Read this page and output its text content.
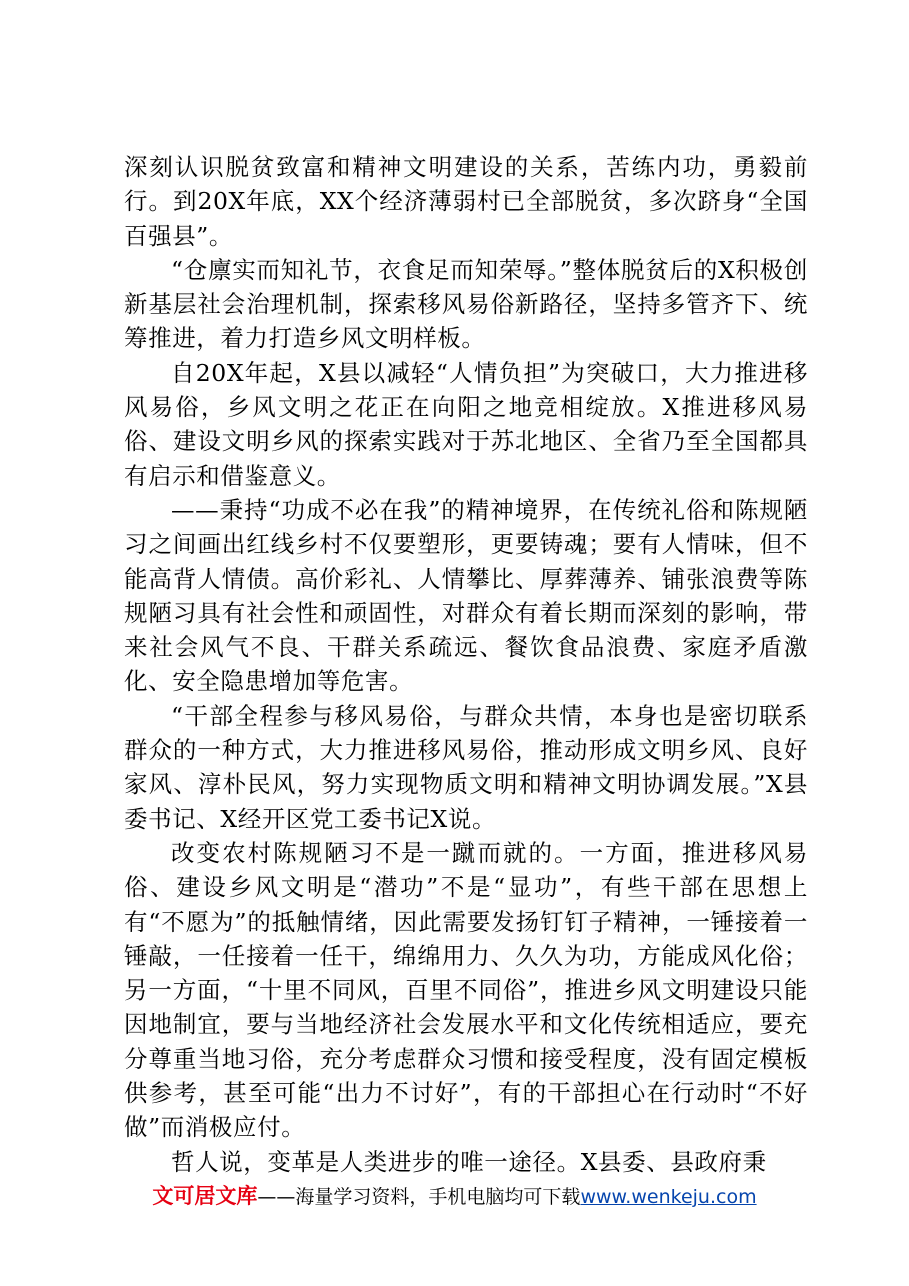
深刻认识脱贫致富和精神文明建设的关系，苦练内功，勇毅前行。到20X年底，XX个经济薄弱村已全部脱贫，多次跻身“全国百强县”。

“仓廪实而知礼节，衣食足而知荣辱。”整体脱贫后的X积极创新基层社会治理机制，探索移风易俗新路径，坚持多管齐下、统筹推进，着力打造乡风文明样板。

自20X年起，X县以减轻“人情负担”为突破口，大力推进移风易俗，乡风文明之花正在向阳之地竞相绽放。X推进移风易俗、建设文明乡风的探索实践对于苏北地区、全省乃至全国都具有启示和借鉴意义。

——秉持“功成不必在我”的精神境界，在传统礼俗和陈规陋习之间画出红线乡村不仅要塑形，更要铸魂；要有人情味，但不能高背人情债。高价彩礼、人情攀比、厚葬薄养、铺张浪费等陈规陋习具有社会性和顽固性，对群众有着长期而深刻的影响，带来社会风气不良、干群关系疏远、餐饮食品浪费、家庭矛盾激化、安全隐患增加等危害。

“干部全程参与移风易俗，与群众共情，本身也是密切联系群众的一种方式，大力推进移风易俗，推动形成文明乡风、良好家风、淳朴民风，努力实现物质文明和精神文明协调发展。”X县委书记、X经开区党工委书记X说。

改变农村陈规陋习不是一蹴而就的。一方面，推进移风易俗、建设乡风文明是“潜功”不是“显功”，有些干部在思想上有“不愿为”的抵触情绪，因此需要发扬钉钉子精神，一锤接着一锤敲，一任接着一任干，绵绵用力、久久为功，方能成风化俗；另一方面，“十里不同风，百里不同俗”，推进乡风文明建设只能因地制宜，要与当地经济社会发展水平和文化传统相适应，要充分尊重当地习俗，充分考虑群众习惯和接受程度，没有固定模板供参考，甚至可能“出力不讨好”，有的干部担心在行动时“不好做”而消极应付。

哲人说，变革是人类进步的唯一途径。X县委、县政府秉

文可居文库——海量学习资料，手机电脑均可下载www.wenkeju.com
